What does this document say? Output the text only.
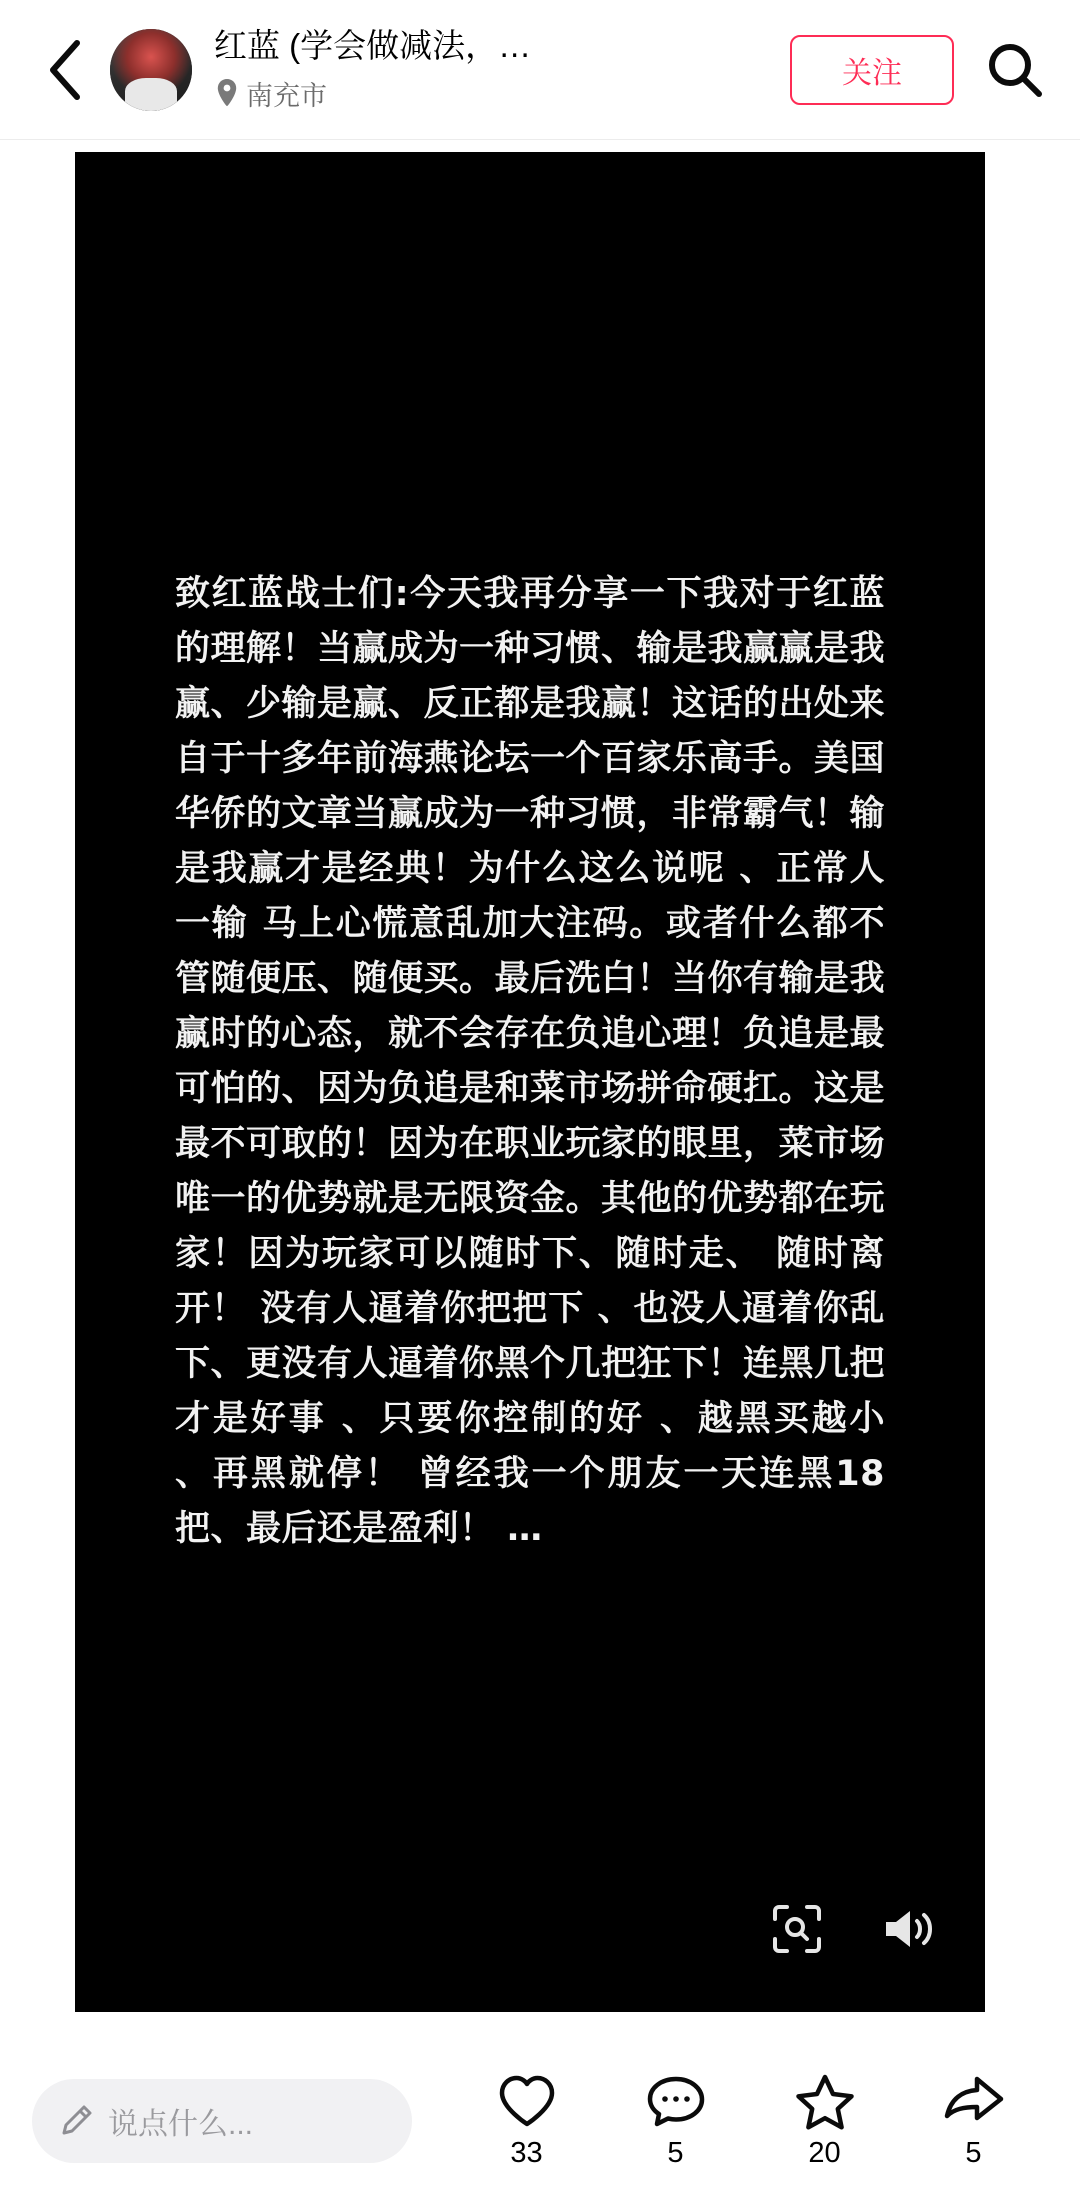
红蓝 (学会做减法，…
南充市
关注
致红蓝战士们:今天我再分享一下我对于红蓝的理解！当赢成为一种习惯、输是我赢赢是我赢、少输是赢、反正都是我赢！这话的出处来自于十多年前海燕论坛一个百家乐高手。美国华侨的文章当赢成为一种习惯，非常霸气！输是我赢才是经典！为什么这么说呢 、正常人一输 马上心慌意乱加大注码。或者什么都不管随便压、随便买。最后洗白！当你有输是我赢时的心态，就不会存在负追心理！负追是最可怕的、因为负追是和菜市场拼命硬扛。这是最不可取的！因为在职业玩家的眼里，菜市场唯一的优势就是无限资金。其他的优势都在玩家！因为玩家可以随时下、随时走、 随时离开！ 没有人逼着你把把下 、也没人逼着你乱下、更没有人逼着你黑个几把狂下！连黑几把才是好事 、只要你控制的好 、越黑买越小 、再黑就停！ 曾经我一个朋友一天连黑18把、最后还是盈利！ …
说点什么...
33	5	20	5
